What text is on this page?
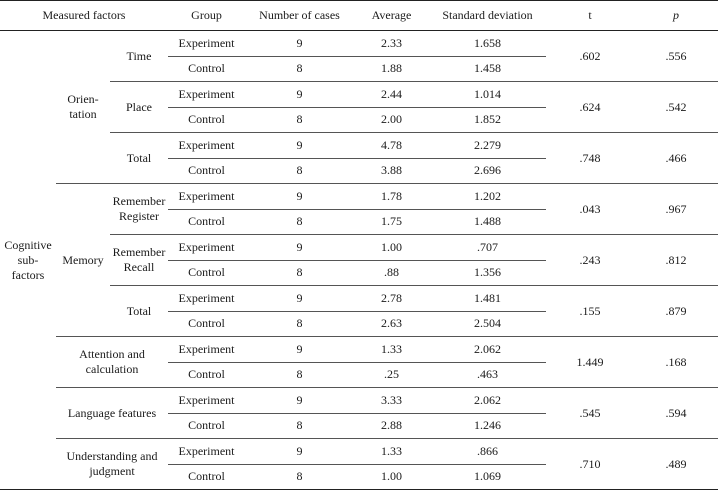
Measured factors			Group	Number of cases	Average	Standard deviation	t	p
Cognitive sub- factors	Orien- tation	Time	Experiment	9	2.33	1.658	.602	.556
			Control	8	1.88	1.458		
		Place	Experiment	9	2.44	1.014	.624	.542
			Control	8	2.00	1.852		
		Total	Experiment	9	4.78	2.279	.748	.466
			Control	8	3.88	2.696		
	Memory	Remember Register	Experiment	9	1.78	1.202	.043	.967
			Control	8	1.75	1.488		
		Remember Recall	Experiment	9	1.00	.707	.243	.812
			Control	8	.88	1.356		
		Total	Experiment	9	2.78	1.481	.155	.879
			Control	8	2.63	2.504		
	Attention and calculation		Experiment	9	1.33	2.062	1.449	.168
			Control	8	.25	.463		
	Language features		Experiment	9	3.33	2.062	.545	.594
			Control	8	2.88	1.246		
	Understanding and judgment		Experiment	9	1.33	.866	.710	.489
			Control	8	1.00	1.069		
